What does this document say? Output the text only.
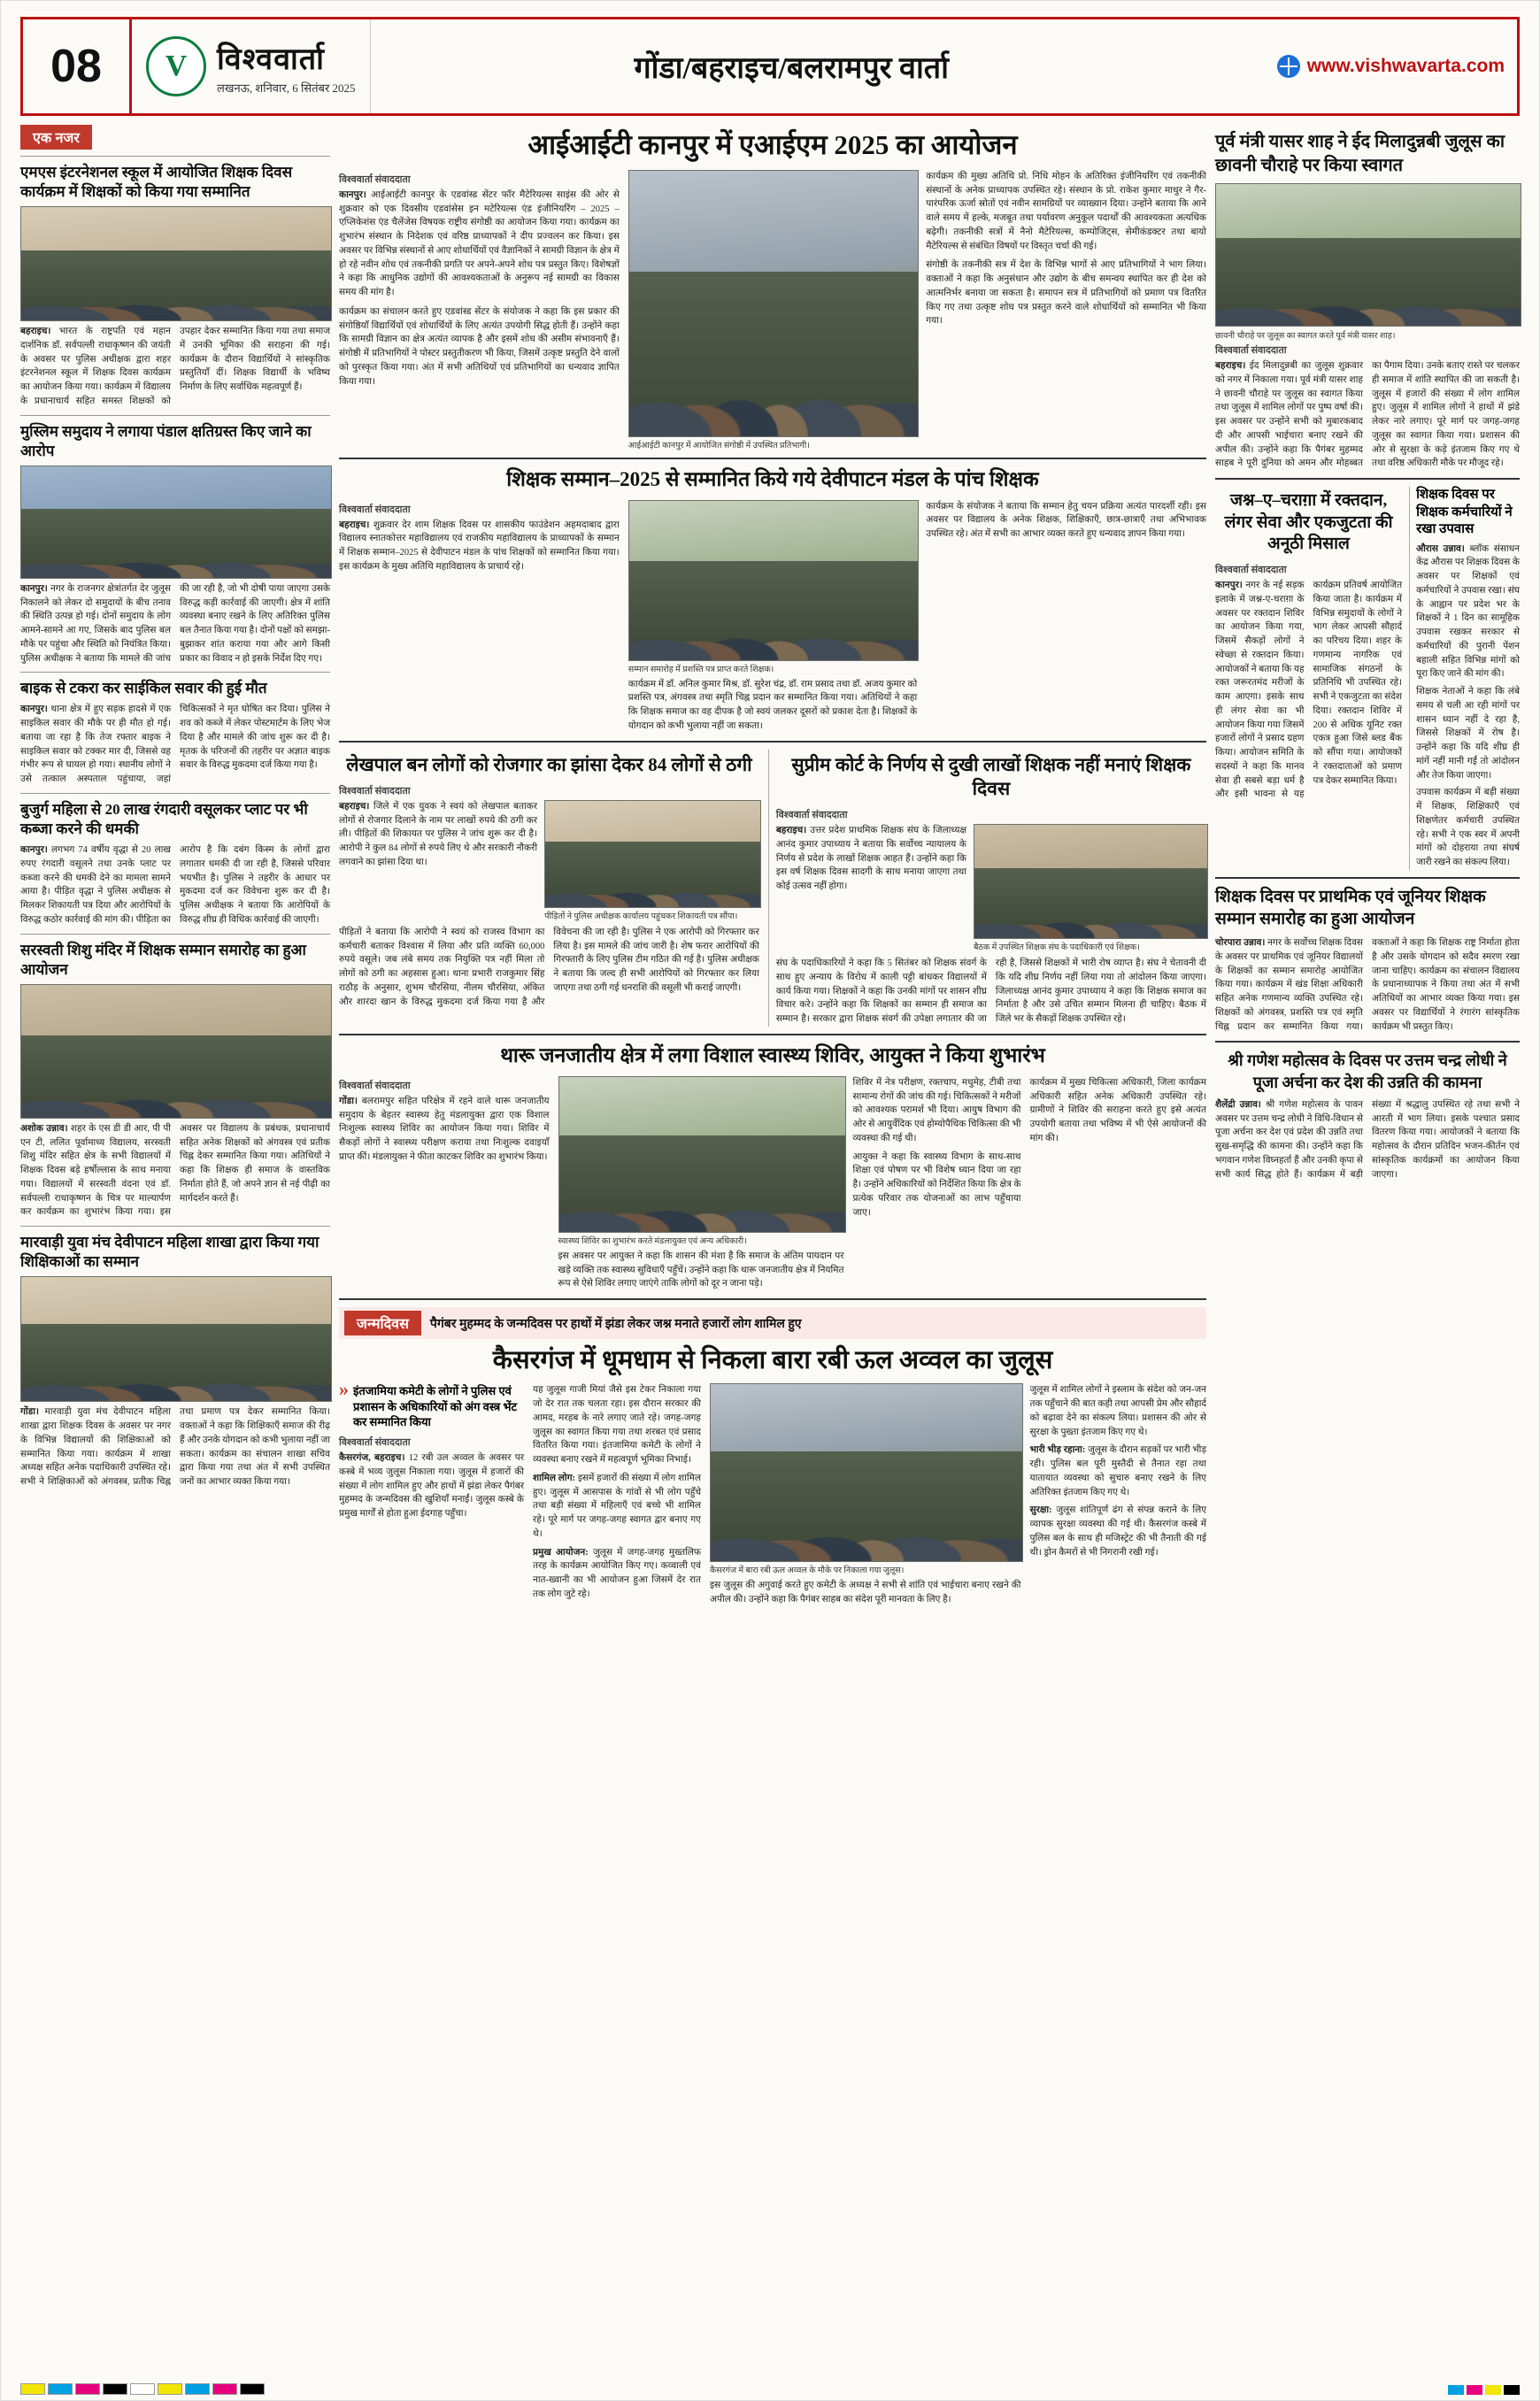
08	V विश्ववार्ता
लखनऊ, शनिवार, 6 सितंबर 2025
गोंडा/बहराइच/बलरामपुर वार्ता	www.vishwavarta.com
एक नजर
एमएस इंटरनेशनल स्कूल में आयोजित शिक्षक दिवस कार्यक्रम में शिक्षकों को किया गया सम्मानित
बहराइच। भारत के राष्ट्रपति एवं महान दार्शनिक डॉ. सर्वपल्ली राधाकृष्णन की जयंती के अवसर पर पुलिस अधीक्षक द्वारा शहर इंटरनेशनल स्कूल में शिक्षक दिवस कार्यक्रम का आयोजन किया गया। कार्यक्रम में विद्यालय के प्रधानाचार्य सहित समस्त शिक्षकों को उपहार देकर सम्मानित किया गया तथा समाज में उनकी भूमिका की सराहना की गई। कार्यक्रम के दौरान विद्यार्थियों ने सांस्कृतिक प्रस्तुतियाँ दीं। शिक्षक विद्यार्थी के भविष्य निर्माण के लिए सर्वाधिक महत्वपूर्ण हैं।
मुस्लिम समुदाय ने लगाया पंडाल क्षतिग्रस्त किए जाने का आरोप
कानपुर। नगर के राजनगर क्षेत्रांतर्गत देर जुलूस निकालने को लेकर दो समुदायों के बीच तनाव की स्थिति उत्पन्न हो गई। दोनों समुदाय के लोग आमने-सामने आ गए, जिसके बाद पुलिस बल मौके पर पहुंचा और स्थिति को नियंत्रित किया। पुलिस अधीक्षक ने बताया कि मामले की जांच की जा रही है, जो भी दोषी पाया जाएगा उसके विरुद्ध कड़ी कार्रवाई की जाएगी। क्षेत्र में शांति व्यवस्था बनाए रखने के लिए अतिरिक्त पुलिस बल तैनात किया गया है। दोनों पक्षों को समझा-बुझाकर शांत कराया गया और आगे किसी प्रकार का विवाद न हो इसके निर्देश दिए गए।
बाइक से टकरा कर साईकिल सवार की हुई मौत
कानपुर। थाना क्षेत्र में हुए सड़क हादसे में एक साइकिल सवार की मौके पर ही मौत हो गई। बताया जा रहा है कि तेज रफ्तार बाइक ने साइकिल सवार को टक्कर मार दी, जिससे वह गंभीर रूप से घायल हो गया। स्थानीय लोगों ने उसे तत्काल अस्पताल पहुंचाया, जहां चिकित्सकों ने मृत घोषित कर दिया। पुलिस ने शव को कब्जे में लेकर पोस्टमार्टम के लिए भेज दिया है और मामले की जांच शुरू कर दी है। मृतक के परिजनों की तहरीर पर अज्ञात बाइक सवार के विरुद्ध मुकदमा दर्ज किया गया है।
बुजुर्ग महिला से 20 लाख रंगदारी वसूलकर प्लाट पर भी कब्जा करने की धमकी
कानपुर। लगभग 74 वर्षीय वृद्धा से 20 लाख रुपए रंगदारी वसूलने तथा उनके प्लाट पर कब्जा करने की धमकी देने का मामला सामने आया है। पीड़ित वृद्धा ने पुलिस अधीक्षक से मिलकर शिकायती पत्र दिया और आरोपियों के विरुद्ध कठोर कार्रवाई की मांग की। पीड़िता का आरोप है कि दबंग किस्म के लोगों द्वारा लगातार धमकी दी जा रही है, जिससे परिवार भयभीत है। पुलिस ने तहरीर के आधार पर मुकदमा दर्ज कर विवेचना शुरू कर दी है। पुलिस अधीक्षक ने बताया कि आरोपियों के विरुद्ध शीघ्र ही विधिक कार्रवाई की जाएगी।
सरस्वती शिशु मंदिर में शिक्षक सम्मान समारोह का हुआ आयोजन
अशोक उन्नाव। शहर के एस डी डी आर, पी पी एन टी, ललित पूर्वामाध्य विद्यालय, सरस्वती शिशु मंदिर सहित क्षेत्र के सभी विद्यालयों में शिक्षक दिवस बड़े हर्षोल्लास के साथ मनाया गया। विद्यालयों में सरस्वती वंदना एवं डॉ. सर्वपल्ली राधाकृष्णन के चित्र पर माल्यार्पण कर कार्यक्रम का शुभारंभ किया गया। इस अवसर पर विद्यालय के प्रबंधक, प्रधानाचार्य सहित अनेक शिक्षकों को अंगवस्त्र एवं प्रतीक चिह्न देकर सम्मानित किया गया। अतिथियों ने कहा कि शिक्षक ही समाज के वास्तविक निर्माता होते हैं, जो अपने ज्ञान से नई पीढ़ी का मार्गदर्शन करते हैं।
मारवाड़ी युवा मंच देवीपाटन महिला शाखा द्वारा किया गया शिक्षिकाओं का सम्मान
गोंडा। मारवाड़ी युवा मंच देवीपाटन महिला शाखा द्वारा शिक्षक दिवस के अवसर पर नगर के विभिन्न विद्यालयों की शिक्षिकाओं को सम्मानित किया गया। कार्यक्रम में शाखा अध्यक्ष सहित अनेक पदाधिकारी उपस्थित रहे। सभी ने शिक्षिकाओं को अंगवस्त्र, प्रतीक चिह्न तथा प्रमाण पत्र देकर सम्मानित किया। वक्ताओं ने कहा कि शिक्षिकाएँ समाज की रीढ़ हैं और उनके योगदान को कभी भुलाया नहीं जा सकता। कार्यक्रम का संचालन शाखा सचिव द्वारा किया गया तथा अंत में सभी उपस्थित जनों का आभार व्यक्त किया गया।
आईआईटी कानपुर में एआईएम 2025 का आयोजन
विश्ववार्ता संवाददाता
कानपुर। आईआईटी कानपुर के एडवांस्ड सेंटर फॉर मैटेरियल्स साइंस की ओर से शुक्रवार को एक दिवसीय एडवांसेस इन मटेरियल्स एंड इंजीनियरिंग – 2025 – एप्लिकेशंस एंड चैलेंजेस विषयक राष्ट्रीय संगोष्ठी का आयोजन किया गया। कार्यक्रम का शुभारंभ संस्थान के निदेशक एवं वरिष्ठ प्राध्यापकों ने दीप प्रज्वलन कर किया। इस अवसर पर विभिन्न संस्थानों से आए शोधार्थियों एवं वैज्ञानिकों ने सामग्री विज्ञान के क्षेत्र में हो रहे नवीन शोध एवं तकनीकी प्रगति पर अपने-अपने शोध पत्र प्रस्तुत किए। विशेषज्ञों ने कहा कि आधुनिक उद्योगों की आवश्यकताओं के अनुरूप नई सामग्री का विकास समय की मांग है।
कार्यक्रम का संचालन करते हुए एडवांस्ड सेंटर के संयोजक ने कहा कि इस प्रकार की संगोष्ठियाँ विद्यार्थियों एवं शोधार्थियों के लिए अत्यंत उपयोगी सिद्ध होती हैं। उन्होंने कहा कि सामग्री विज्ञान का क्षेत्र अत्यंत व्यापक है और इसमें शोध की असीम संभावनाएँ हैं। संगोष्ठी में प्रतिभागियों ने पोस्टर प्रस्तुतीकरण भी किया, जिसमें उत्कृष्ट प्रस्तुति देने वालों को पुरस्कृत किया गया। अंत में सभी अतिथियों एवं प्रतिभागियों का धन्यवाद ज्ञापित किया गया।
आईआईटी कानपुर में आयोजित संगोष्ठी में उपस्थित प्रतिभागी।
कार्यक्रम की मुख्य अतिथि प्रो. निधि मोहन के अतिरिक्त इंजीनियरिंग एवं तकनीकी संस्थानों के अनेक प्राध्यापक उपस्थित रहे। संस्थान के प्रो. राकेश कुमार माथुर ने गैर-पारंपरिक ऊर्जा स्रोतों एवं नवीन सामग्रियों पर व्याख्यान दिया। उन्होंने बताया कि आने वाले समय में हल्के, मजबूत तथा पर्यावरण अनुकूल पदार्थों की आवश्यकता अत्यधिक बढ़ेगी। तकनीकी सत्रों में नैनो मैटेरियल्स, कम्पोजिट्स, सेमीकंडक्टर तथा बायो मैटेरियल्स से संबंधित विषयों पर विस्तृत चर्चा की गई।
संगोष्ठी के तकनीकी सत्र में देश के विभिन्न भागों से आए प्रतिभागियों ने भाग लिया। वक्ताओं ने कहा कि अनुसंधान और उद्योग के बीच समन्वय स्थापित कर ही देश को आत्मनिर्भर बनाया जा सकता है। समापन सत्र में प्रतिभागियों को प्रमाण पत्र वितरित किए गए तथा उत्कृष्ट शोध पत्र प्रस्तुत करने वाले शोधार्थियों को सम्मानित भी किया गया।
शिक्षक सम्मान–2025 से सम्मानित किये गये देवीपाटन मंडल के पांच शिक्षक
विश्ववार्ता संवाददाता
बहराइच। शुक्रवार देर शाम शिक्षक दिवस पर शासकीय फाउंडेशन अहमदाबाद द्वारा विद्यालय स्नातकोत्तर महाविद्यालय एवं राजकीय महाविद्यालय के प्राध्यापकों के सम्मान में शिक्षक सम्मान–2025 से देवीपाटन मंडल के पांच शिक्षकों को सम्मानित किया गया। इस कार्यक्रम के मुख्य अतिथि महाविद्यालय के प्राचार्य रहे।
सम्मान समारोह में प्रशस्ति पत्र प्राप्त करते शिक्षक।
कार्यक्रम में डॉ. अनिल कुमार मिश्र, डॉ. सुरेश चंद्र, डॉ. राम प्रसाद तथा डॉ. अजय कुमार को प्रशस्ति पत्र, अंगवस्त्र तथा स्मृति चिह्न प्रदान कर सम्मानित किया गया। अतिथियों ने कहा कि शिक्षक समाज का वह दीपक है जो स्वयं जलकर दूसरों को प्रकाश देता है। शिक्षकों के योगदान को कभी भुलाया नहीं जा सकता।
कार्यक्रम के संयोजक ने बताया कि सम्मान हेतु चयन प्रक्रिया अत्यंत पारदर्शी रही। इस अवसर पर विद्यालय के अनेक शिक्षक, शिक्षिकाएँ, छात्र-छात्राएँ तथा अभिभावक उपस्थित रहे। अंत में सभी का आभार व्यक्त करते हुए धन्यवाद ज्ञापन किया गया।
लेखपाल बन लोगों को रोजगार का झांसा देकर 84 लोगों से ठगी
विश्ववार्ता संवाददाता
बहराइच। जिले में एक युवक ने स्वयं को लेखपाल बताकर लोगों से रोजगार दिलाने के नाम पर लाखों रुपये की ठगी कर ली। पीड़ितों की शिकायत पर पुलिस ने जांच शुरू कर दी है। आरोपी ने कुल 84 लोगों से रुपये लिए थे और सरकारी नौकरी लगवाने का झांसा दिया था।
पीड़ितों ने पुलिस अधीक्षक कार्यालय पहुंचकर शिकायती पत्र सौंपा।
पीड़ितों ने बताया कि आरोपी ने स्वयं को राजस्व विभाग का कर्मचारी बताकर विश्वास में लिया और प्रति व्यक्ति 60,000 रुपये वसूले। जब लंबे समय तक नियुक्ति पत्र नहीं मिला तो लोगों को ठगी का अहसास हुआ। थाना प्रभारी राजकुमार सिंह राठौड़ के अनुसार, शुभम चौरसिया, नीलम चौरसिया, अंकित और शारदा खान के विरुद्ध मुकदमा दर्ज किया गया है और विवेचना की जा रही है। पुलिस ने एक आरोपी को गिरफ्तार कर लिया है। इस मामले की जांच जारी है। शेष फरार आरोपियों की गिरफ्तारी के लिए पुलिस टीम गठित की गई है। पुलिस अधीक्षक ने बताया कि जल्द ही सभी आरोपियों को गिरफ्तार कर लिया जाएगा तथा ठगी गई धनराशि की वसूली भी कराई जाएगी।
सुप्रीम कोर्ट के निर्णय से दुखी लाखों शिक्षक नहीं मनाएं शिक्षक दिवस
विश्ववार्ता संवाददाता
बहराइच। उत्तर प्रदेश प्राथमिक शिक्षक संघ के जिलाध्यक्ष आनंद कुमार उपाध्याय ने बताया कि सर्वोच्च न्यायालय के निर्णय से प्रदेश के लाखों शिक्षक आहत हैं। उन्होंने कहा कि इस वर्ष शिक्षक दिवस सादगी के साथ मनाया जाएगा तथा कोई उत्सव नहीं होगा।
बैठक में उपस्थित शिक्षक संघ के पदाधिकारी एवं शिक्षक।
संघ के पदाधिकारियों ने कहा कि 5 सितंबर को शिक्षक संवर्ग के साथ हुए अन्याय के विरोध में काली पट्टी बांधकर विद्यालयों में कार्य किया गया। शिक्षकों ने कहा कि उनकी मांगों पर शासन शीघ्र विचार करे। उन्होंने कहा कि शिक्षकों का सम्मान ही समाज का सम्मान है। सरकार द्वारा शिक्षक संवर्ग की उपेक्षा लगातार की जा रही है, जिससे शिक्षकों में भारी रोष व्याप्त है। संघ ने चेतावनी दी कि यदि शीघ्र निर्णय नहीं लिया गया तो आंदोलन किया जाएगा। जिलाध्यक्ष आनंद कुमार उपाध्याय ने कहा कि शिक्षक समाज का निर्माता है और उसे उचित सम्मान मिलना ही चाहिए। बैठक में जिले भर के सैकड़ों शिक्षक उपस्थित रहे।
थारू जनजातीय क्षेत्र में लगा विशाल स्वास्थ्य शिविर, आयुक्त ने किया शुभारंभ
विश्ववार्ता संवाददाता
गोंडा। बलरामपुर सहित परिक्षेत्र में रहने वाले थारू जनजातीय समुदाय के बेहतर स्वास्थ्य हेतु मंडलायुक्त द्वारा एक विशाल निःशुल्क स्वास्थ्य शिविर का आयोजन किया गया। शिविर में सैकड़ों लोगों ने स्वास्थ्य परीक्षण कराया तथा निःशुल्क दवाइयाँ प्राप्त कीं। मंडलायुक्त ने फीता काटकर शिविर का शुभारंभ किया।
स्वास्थ्य शिविर का शुभारंभ करते मंडलायुक्त एवं अन्य अधिकारी।
इस अवसर पर आयुक्त ने कहा कि शासन की मंशा है कि समाज के अंतिम पायदान पर खड़े व्यक्ति तक स्वास्थ्य सुविधाएँ पहुँचें। उन्होंने कहा कि थारू जनजातीय क्षेत्र में नियमित रूप से ऐसे शिविर लगाए जाएंगे ताकि लोगों को दूर न जाना पड़े।
शिविर में नेत्र परीक्षण, रक्तचाप, मधुमेह, टीबी तथा सामान्य रोगों की जांच की गई। चिकित्सकों ने मरीजों को आवश्यक परामर्श भी दिया। आयुष विभाग की ओर से आयुर्वेदिक एवं होम्योपैथिक चिकित्सा की भी व्यवस्था की गई थी।
आयुक्त ने कहा कि स्वास्थ्य विभाग के साथ-साथ शिक्षा एवं पोषण पर भी विशेष ध्यान दिया जा रहा है। उन्होंने अधिकारियों को निर्देशित किया कि क्षेत्र के प्रत्येक परिवार तक योजनाओं का लाभ पहुँचाया जाए।
कार्यक्रम में मुख्य चिकित्सा अधिकारी, जिला कार्यक्रम अधिकारी सहित अनेक अधिकारी उपस्थित रहे। ग्रामीणों ने शिविर की सराहना करते हुए इसे अत्यंत उपयोगी बताया तथा भविष्य में भी ऐसे आयोजनों की मांग की।
जन्मदिवस	पैगंबर मुहम्मद के जन्मदिवस पर हाथों में झंडा लेकर जश्न मनाते हजारों लोग शामिल हुए
कैसरगंज में धूमधाम से निकला बारा रबी ऊल अव्वल का जुलूस
» इंतजामिया कमेटी के लोगों ने पुलिस एवं प्रशासन के अधिकारियों को अंग वस्त्र भेंट कर सम्मानित किया
विश्ववार्ता संवाददाता
कैसरगंज, बहराइच। 12 रबी उल अव्वल के अवसर पर कस्बे में भव्य जुलूस निकाला गया। जुलूस में हजारों की संख्या में लोग शामिल हुए और हाथों में झंडा लेकर पैगंबर मुहम्मद के जन्मदिवस की खुशियाँ मनाईं। जुलूस कस्बे के प्रमुख मार्गों से होता हुआ ईदगाह पहुँचा।
यह जुलूस गाजी मियां जैसे इस टेकर निकाला गया जो देर रात तक चलता रहा। इस दौरान सरकार की आमद, मरहब के नारे लगाए जाते रहे। जगह-जगह जुलूस का स्वागत किया गया तथा शरबत एवं प्रसाद वितरित किया गया। इंतजामिया कमेटी के लोगों ने व्यवस्था बनाए रखने में महत्वपूर्ण भूमिका निभाई।
शामिल लोग: इसमें हजारों की संख्या में लोग शामिल हुए। जुलूस में आसपास के गांवों से भी लोग पहुँचे तथा बड़ी संख्या में महिलाएँ एवं बच्चे भी शामिल रहे। पूरे मार्ग पर जगह-जगह स्वागत द्वार बनाए गए थे।
प्रमुख आयोजन: जुलूस में जगह-जगह मुख्तलिफ तरह के कार्यक्रम आयोजित किए गए। कव्वाली एवं नात-ख्वानी का भी आयोजन हुआ जिसमें देर रात तक लोग जुटे रहे।
कैसरगंज में बारा रबी ऊल अव्वल के मौके पर निकाला गया जुलूस।
इस जुलूस की अगुवाई करते हुए कमेटी के अध्यक्ष ने सभी से शांति एवं भाईचारा बनाए रखने की अपील की। उन्होंने कहा कि पैगंबर साहब का संदेश पूरी मानवता के लिए है।
जुलूस में शामिल लोगों ने इस्लाम के संदेश को जन-जन तक पहुँचाने की बात कही तथा आपसी प्रेम और सौहार्द को बढ़ावा देने का संकल्प लिया। प्रशासन की ओर से सुरक्षा के पुख्ता इंतजाम किए गए थे।
भारी भीड़ रहाना: जुलूस के दौरान सड़कों पर भारी भीड़ रही। पुलिस बल पूरी मुस्तैदी से तैनात रहा तथा यातायात व्यवस्था को सुचारु बनाए रखने के लिए अतिरिक्त इंतजाम किए गए थे।
सुरक्षा: जुलूस शांतिपूर्ण ढंग से संपन्न कराने के लिए व्यापक सुरक्षा व्यवस्था की गई थी। कैसरगंज कस्बे में पुलिस बल के साथ ही मजिस्ट्रेट की भी तैनाती की गई थी। ड्रोन कैमरों से भी निगरानी रखी गई।
पूर्व मंत्री यासर शाह ने ईद मिलादुन्नबी जुलूस का छावनी चौराहे पर किया स्वागत
छावनी चौराहे पर जुलूस का स्वागत करते पूर्व मंत्री यासर शाह।
विश्ववार्ता संवाददाता
बहराइच। ईद मिलादुन्नबी का जुलूस शुक्रवार को नगर में निकाला गया। पूर्व मंत्री यासर शाह ने छावनी चौराहे पर जुलूस का स्वागत किया तथा जुलूस में शामिल लोगों पर पुष्प वर्षा की। इस अवसर पर उन्होंने सभी को मुबारकबाद दी और आपसी भाईचारा बनाए रखने की अपील की। उन्होंने कहा कि पैगंबर मुहम्मद साहब ने पूरी दुनिया को अमन और मोहब्बत का पैगाम दिया। उनके बताए रास्ते पर चलकर ही समाज में शांति स्थापित की जा सकती है। जुलूस में हजारों की संख्या में लोग शामिल हुए। जुलूस में शामिल लोगों ने हाथों में झंडे लेकर नारे लगाए। पूरे मार्ग पर जगह-जगह जुलूस का स्वागत किया गया। प्रशासन की ओर से सुरक्षा के कड़े इंतजाम किए गए थे तथा वरिष्ठ अधिकारी मौके पर मौजूद रहे।
जश्न–ए–चराग़ा में रक्तदान, लंगर सेवा और एकजुटता की अनूठी मिसाल
विश्ववार्ता संवाददाता
कानपुर। नगर के नई सड़क इलाके में जश्न-ए-चराग़ा के अवसर पर रक्तदान शिविर का आयोजन किया गया, जिसमें सैकड़ों लोगों ने स्वेच्छा से रक्तदान किया। आयोजकों ने बताया कि यह रक्त जरूरतमंद मरीजों के काम आएगा। इसके साथ ही लंगर सेवा का भी आयोजन किया गया जिसमें हजारों लोगों ने प्रसाद ग्रहण किया। आयोजन समिति के सदस्यों ने कहा कि मानव सेवा ही सबसे बड़ा धर्म है और इसी भावना से यह कार्यक्रम प्रतिवर्ष आयोजित किया जाता है। कार्यक्रम में विभिन्न समुदायों के लोगों ने भाग लेकर आपसी सौहार्द का परिचय दिया। शहर के गणमान्य नागरिक एवं सामाजिक संगठनों के प्रतिनिधि भी उपस्थित रहे। सभी ने एकजुटता का संदेश दिया। रक्तदान शिविर में 200 से अधिक यूनिट रक्त एकत्र हुआ जिसे ब्लड बैंक को सौंपा गया। आयोजकों ने रक्तदाताओं को प्रमाण पत्र देकर सम्मानित किया।
शिक्षक दिवस पर शिक्षक कर्मचारियों ने रखा उपवास
औरास उन्नाव। ब्लॉक संसाधन केंद्र औरास पर शिक्षक दिवस के अवसर पर शिक्षकों एवं कर्मचारियों ने उपवास रखा। संघ के आह्वान पर प्रदेश भर के शिक्षकों ने 1 दिन का सामूहिक उपवास रखकर सरकार से कर्मचारियों की पुरानी पेंशन बहाली सहित विभिन्न मांगों को पूरा किए जाने की मांग की।
शिक्षक नेताओं ने कहा कि लंबे समय से चली आ रही मांगों पर शासन ध्यान नहीं दे रहा है, जिससे शिक्षकों में रोष है। उन्होंने कहा कि यदि शीघ्र ही मांगें नहीं मानी गईं तो आंदोलन और तेज किया जाएगा।
उपवास कार्यक्रम में बड़ी संख्या में शिक्षक, शिक्षिकाएँ एवं शिक्षणेतर कर्मचारी उपस्थित रहे। सभी ने एक स्वर में अपनी मांगों को दोहराया तथा संघर्ष जारी रखने का संकल्प लिया।
शिक्षक दिवस पर प्राथमिक एवं जूनियर शिक्षक सम्मान समारोह का हुआ आयोजन
चोरपारा उन्नाव। नगर के सर्वोच्च शिक्षक दिवस के अवसर पर प्राथमिक एवं जूनियर विद्यालयों के शिक्षकों का सम्मान समारोह आयोजित किया गया। कार्यक्रम में खंड शिक्षा अधिकारी सहित अनेक गणमान्य व्यक्ति उपस्थित रहे। शिक्षकों को अंगवस्त्र, प्रशस्ति पत्र एवं स्मृति चिह्न प्रदान कर सम्मानित किया गया। वक्ताओं ने कहा कि शिक्षक राष्ट्र निर्माता होता है और उसके योगदान को सदैव स्मरण रखा जाना चाहिए। कार्यक्रम का संचालन विद्यालय के प्रधानाध्यापक ने किया तथा अंत में सभी अतिथियों का आभार व्यक्त किया गया। इस अवसर पर विद्यार्थियों ने रंगारंग सांस्कृतिक कार्यक्रम भी प्रस्तुत किए।
श्री गणेश महोत्सव के दिवस पर उत्तम चन्द्र लोधी ने पूजा अर्चना कर देश की उन्नति की कामना
शैलेंद्री उन्नाव। श्री गणेश महोत्सव के पावन अवसर पर उत्तम चन्द्र लोधी ने विधि-विधान से पूजा अर्चना कर देश एवं प्रदेश की उन्नति तथा सुख-समृद्धि की कामना की। उन्होंने कहा कि भगवान गणेश विघ्नहर्ता हैं और उनकी कृपा से सभी कार्य सिद्ध होते हैं। कार्यक्रम में बड़ी संख्या में श्रद्धालु उपस्थित रहे तथा सभी ने आरती में भाग लिया। इसके पश्चात प्रसाद वितरण किया गया। आयोजकों ने बताया कि महोत्सव के दौरान प्रतिदिन भजन-कीर्तन एवं सांस्कृतिक कार्यक्रमों का आयोजन किया जाएगा।
